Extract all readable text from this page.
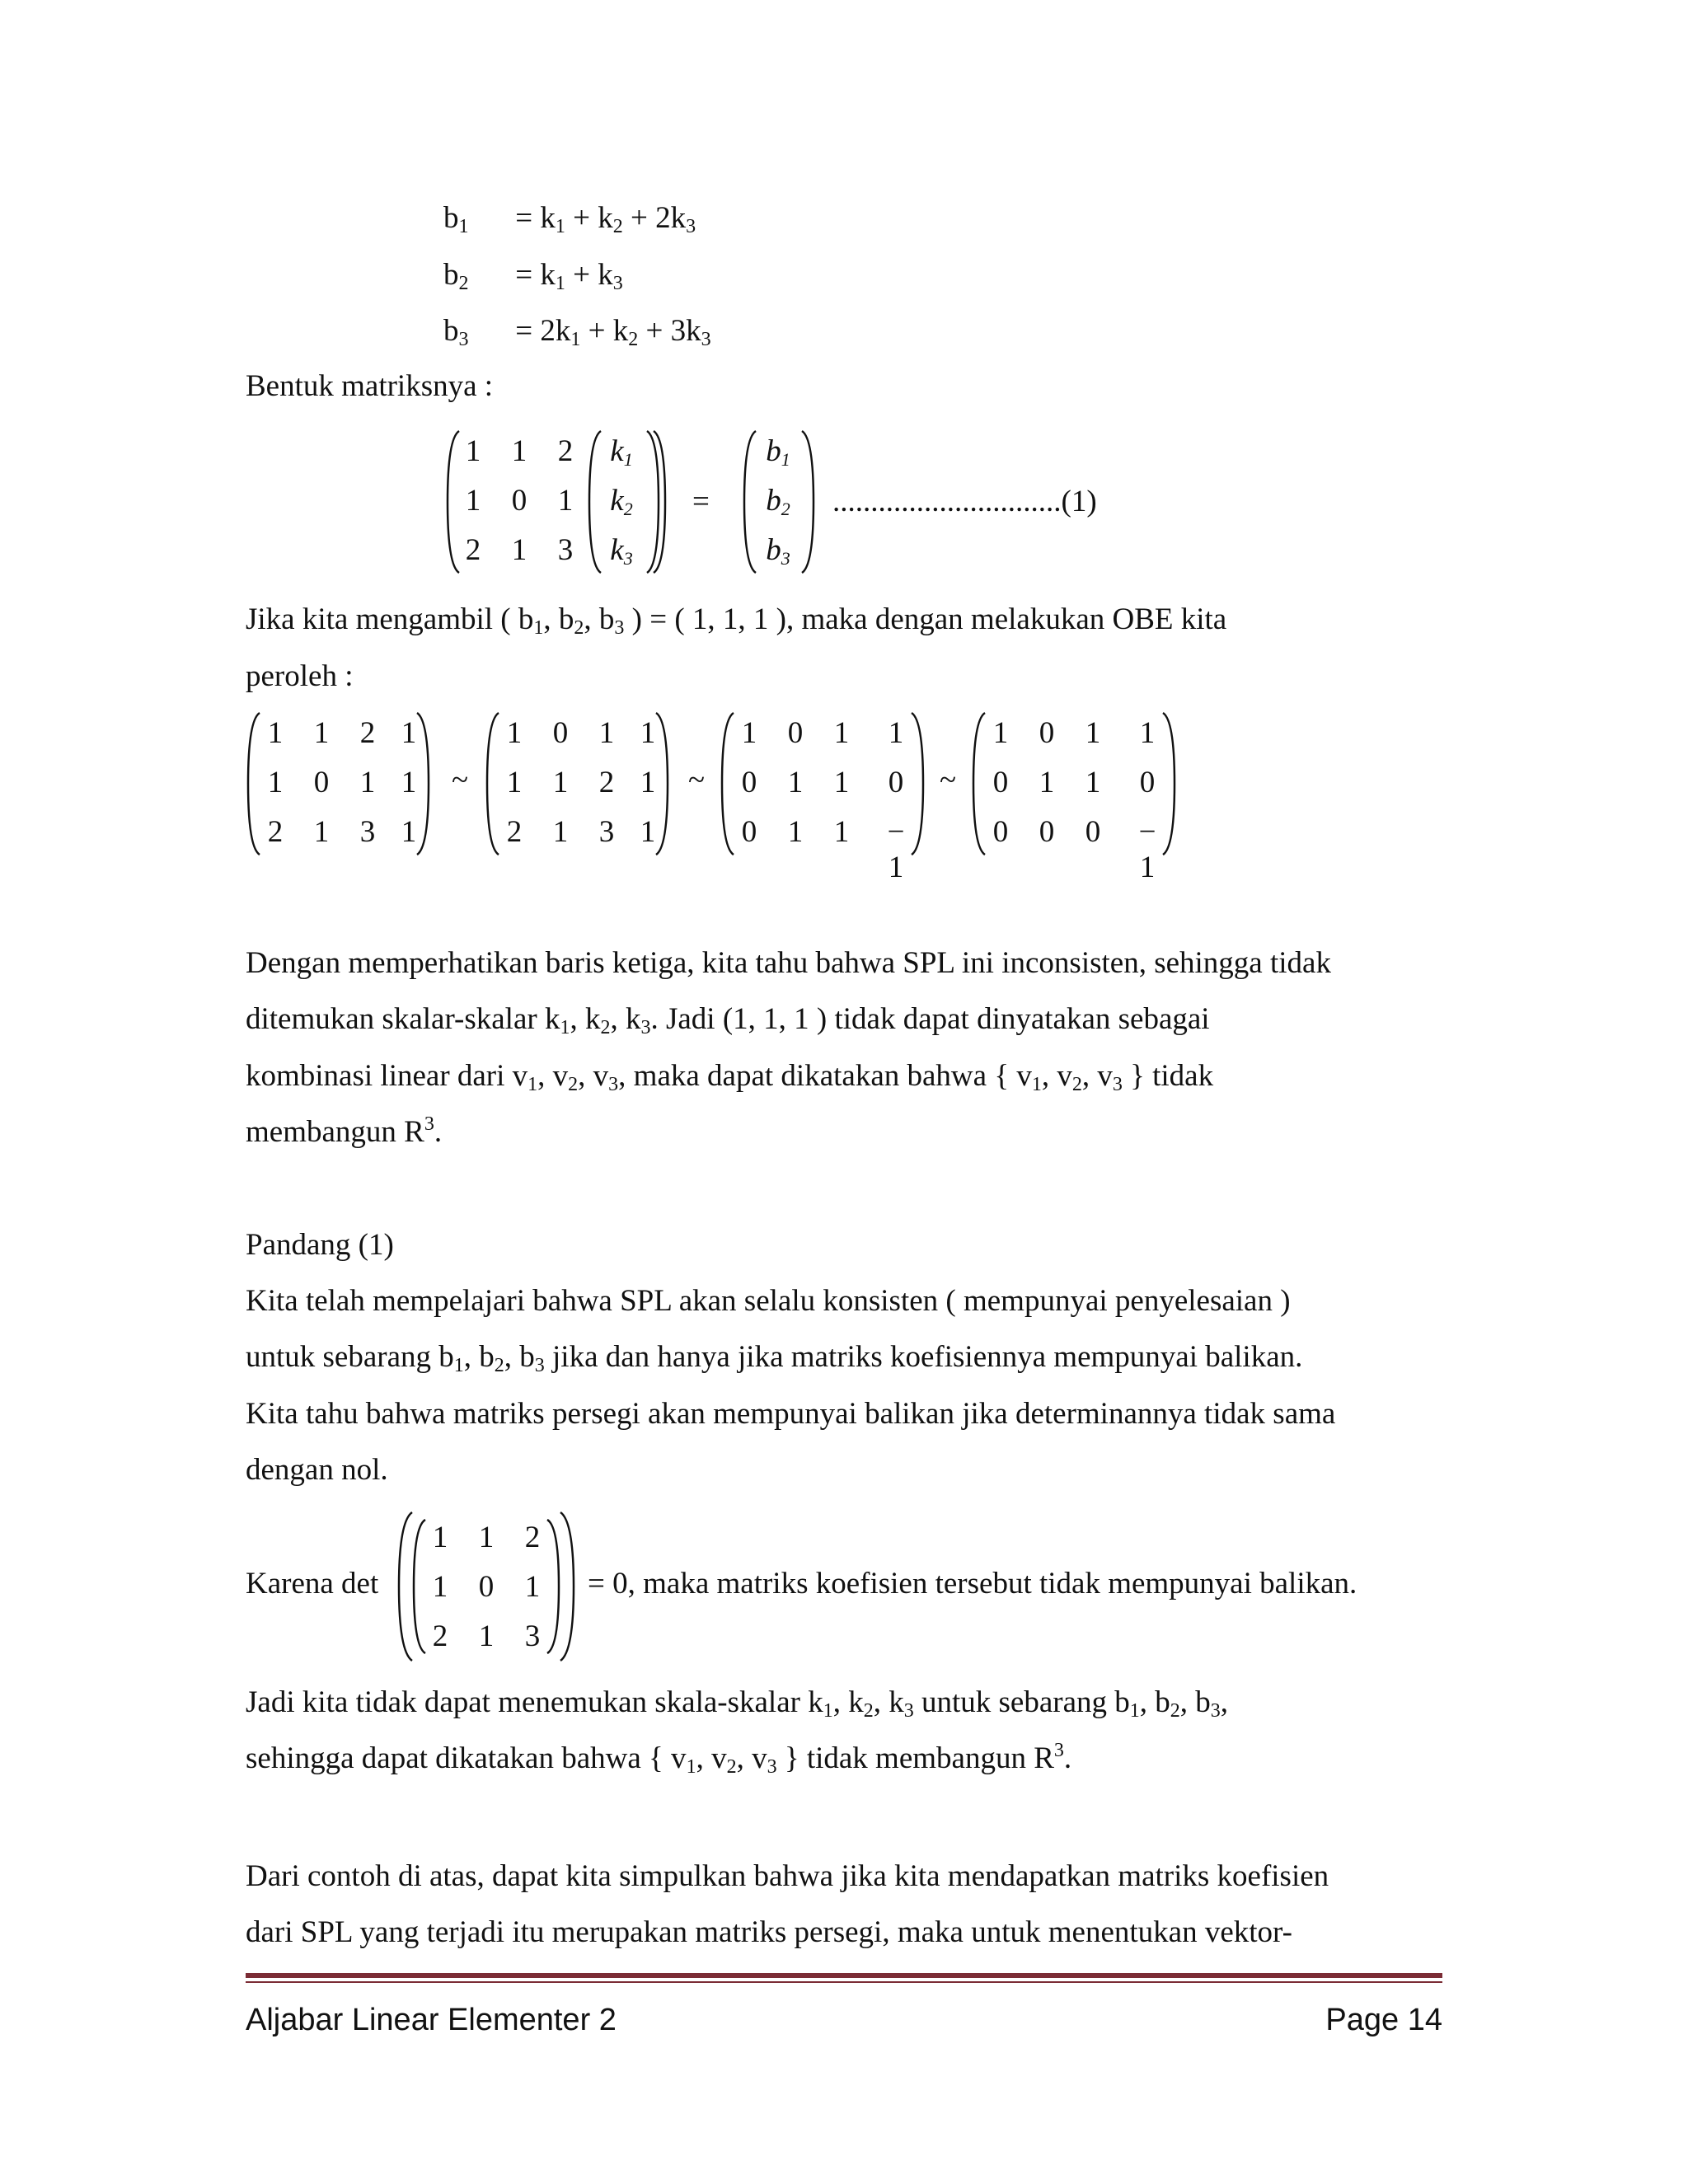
$b_1 = k_1 + k_2 + 2k_3$
$b_2 = k_1 + k_3$
$b_3 = 2k_1 + k_2 + 3k_3$
Bentuk matriksnya :
1 1 2
1 0 1
2 1 3
$k_1$
$k_2$
$k_3$
=
$b_1$
$b_2$
$b_3$
..............................(1)
Jika kita mengambil ( $b_1$, $b_2$, $b_3$ ) = ( 1, 1, 1 ), maka dengan melakukan OBE kita
peroleh :
1 1 2 1
1 0 1 1
2 1 3 1
~
1 0 1 1
1 1 2 1
2 1 3 1
~
1 0 1 1
0 1 1 0
0 1 1 − 1
~
1 0 1 1
0 1 1 0
0 0 0 − 1
Dengan memperhatikan baris ketiga, kita tahu bahwa SPL ini inconsisten, sehingga tidak
ditemukan skalar-skalar $k_1$, $k_2$, $k_3$. Jadi (1, 1, 1 ) tidak dapat dinyatakan sebagai
kombinasi linear dari $v_1$, $v_2$, $v_3$, maka dapat dikatakan bahwa { $v_1$, $v_2$, $v_3$ } tidak
membangun $R^3$.
Pandang (1)
Kita telah mempelajari bahwa SPL akan selalu konsisten ( mempunyai penyelesaian )
untuk sebarang $b_1$, $b_2$, $b_3$ jika dan hanya jika matriks koefisiennya mempunyai balikan.
Kita tahu bahwa matriks persegi akan mempunyai balikan jika determinannya tidak sama
dengan nol.
Karena det
1 1 2
1 0 1
2 1 3
= 0, maka matriks koefisien tersebut tidak mempunyai balikan.
Jadi kita tidak dapat menemukan skala-skalar $k_1$, $k_2$, $k_3$ untuk sebarang $b_1$, $b_2$, $b_3$,
sehingga dapat dikatakan bahwa { $v_1$, $v_2$, $v_3$ } tidak membangun $R^3$.
Dari contoh di atas, dapat kita simpulkan bahwa jika kita mendapatkan matriks koefisien
dari SPL yang terjadi itu merupakan matriks persegi, maka untuk menentukan vektor-
Aljabar Linear Elementer 2	Page 14
